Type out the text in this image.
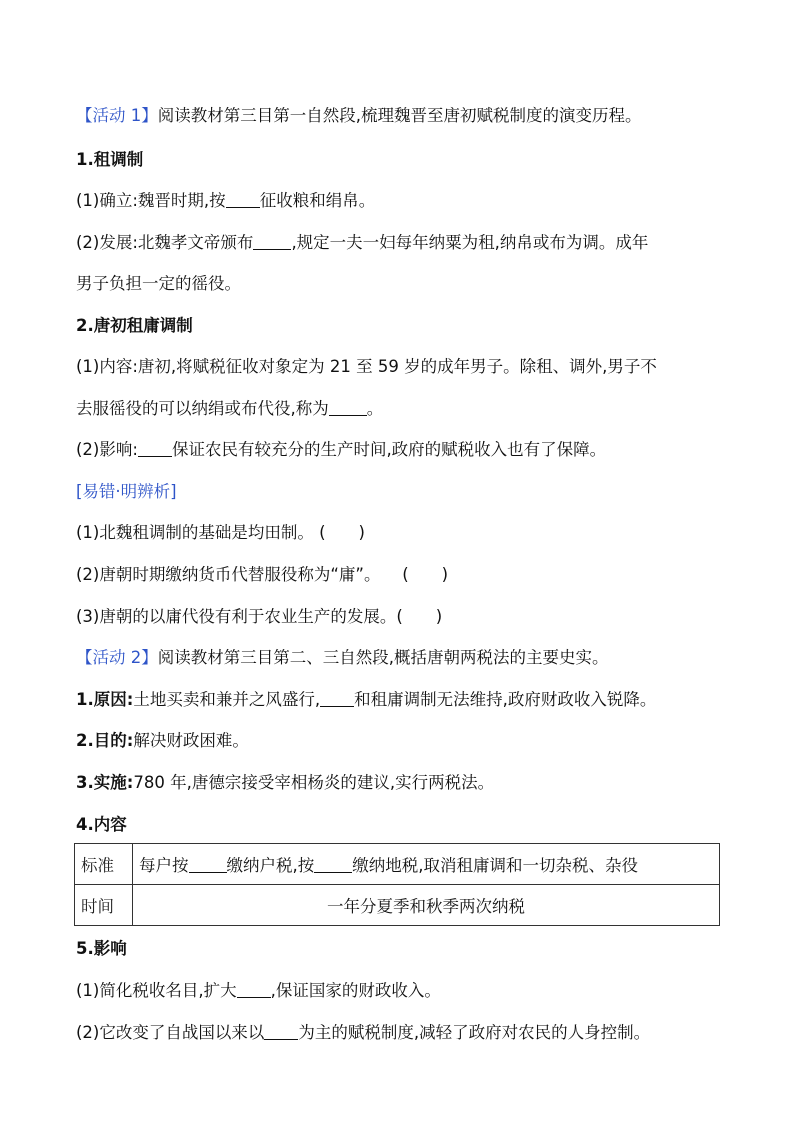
【活动 1】阅读教材第三目第一自然段,梳理魏晋至唐初赋税制度的演变历程。
1.租调制
(1)确立:魏晋时期,按 征收粮和绢帛。
(2)发展:北魏孝文帝颁布 ,规定一夫一妇每年纳粟为租,纳帛或布为调。成年
男子负担一定的徭役。
2.唐初租庸调制
(1)内容:唐初,将赋税征收对象定为 21 至 59 岁的成年男子。除租、调外,男子不
去服徭役的可以纳绢或布代役,称为 。
(2)影响: 保证农民有较充分的生产时间,政府的赋税收入也有了保障。
[易错·明辨析]
(1)北魏租调制的基础是均田制。 (　　)
(2)唐朝时期缴纳货币代替服役称为“庸”。 　(　　)
(3)唐朝的以庸代役有利于农业生产的发展。(　　)
【活动 2】阅读教材第三目第二、三自然段,概括唐朝两税法的主要史实。
1.原因:土地买卖和兼并之风盛行, 和租庸调制无法维持,政府财政收入锐降。
2.目的:解决财政困难。
3.实施:780 年,唐德宗接受宰相杨炎的建议,实行两税法。
4.内容
标准	每户按 缴纳户税,按 缴纳地税,取消租庸调和一切杂税、杂役
时间	一年分夏季和秋季两次纳税
5.影响
(1)简化税收名目,扩大 ,保证国家的财政收入。
(2)它改变了自战国以来以 为主的赋税制度,减轻了政府对农民的人身控制。
